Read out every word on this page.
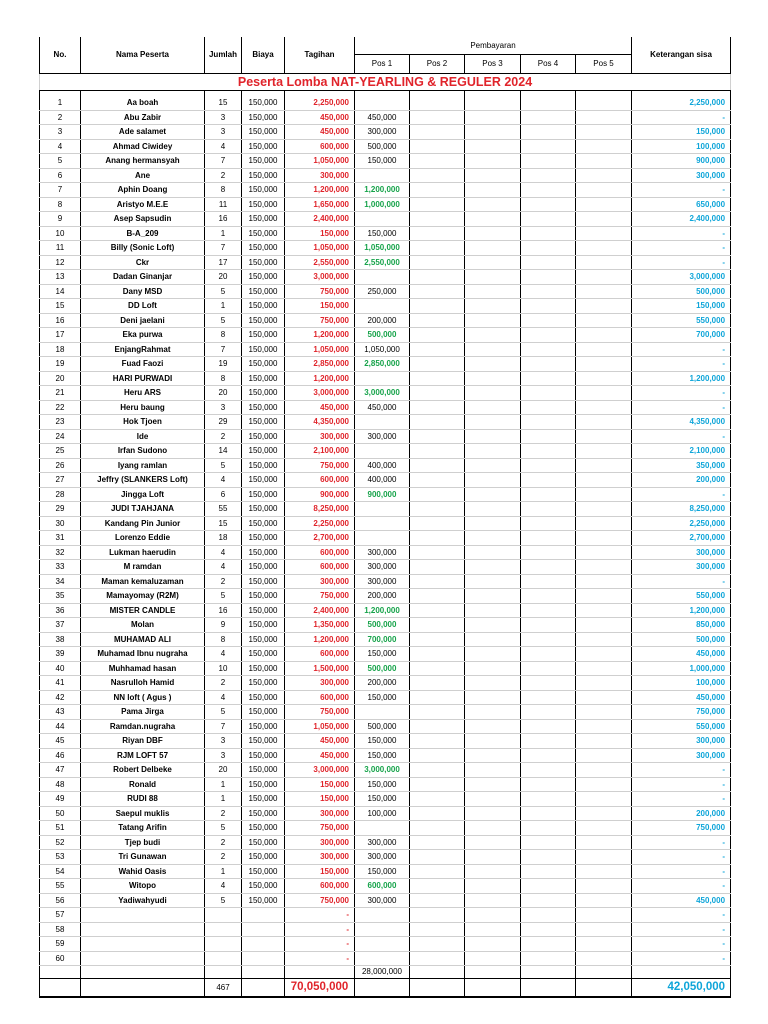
Peserta Lomba NAT-YEARLING & REGULER 2024										
No.	Nama Peserta	Jumlah	Biaya	Tagihan	Pembayaran					Keterangan sisa
					Pos 1	Pos 2	Pos 3	Pos 4	Pos 5	

1	Aa boah	15	150,000	2,250,000						2,250,000
2	Abu Zabir	3	150,000	450,000	450,000					-
3	Ade salamet	3	150,000	450,000	300,000					150,000
4	Ahmad Ciwidey	4	150,000	600,000	500,000					100,000
5	Anang hermansyah	7	150,000	1,050,000	150,000					900,000
6	Ane	2	150,000	300,000						300,000
7	Aphin Doang	8	150,000	1,200,000	1,200,000					-
8	Aristyo M.E.E	11	150,000	1,650,000	1,000,000					650,000
9	Asep Sapsudin	16	150,000	2,400,000						2,400,000
10	B-A_209	1	150,000	150,000	150,000					-
11	Billy (Sonic Loft)	7	150,000	1,050,000	1,050,000					-
12	Ckr	17	150,000	2,550,000	2,550,000					-
13	Dadan Ginanjar	20	150,000	3,000,000						3,000,000
14	Dany MSD	5	150,000	750,000	250,000					500,000
15	DD Loft	1	150,000	150,000						150,000
16	Deni jaelani	5	150,000	750,000	200,000					550,000
17	Eka purwa	8	150,000	1,200,000	500,000					700,000
18	EnjangRahmat	7	150,000	1,050,000	1,050,000					-
19	Fuad Faozi	19	150,000	2,850,000	2,850,000					-
20	HARI PURWADI	8	150,000	1,200,000						1,200,000
21	Heru ARS	20	150,000	3,000,000	3,000,000					-
22	Heru baung	3	150,000	450,000	450,000					-
23	Hok Tjoen	29	150,000	4,350,000						4,350,000
24	Ide	2	150,000	300,000	300,000					-
25	Irfan Sudono	14	150,000	2,100,000						2,100,000
26	Iyang ramlan	5	150,000	750,000	400,000					350,000
27	Jeffry (SLANKERS Loft)	4	150,000	600,000	400,000					200,000
28	Jingga Loft	6	150,000	900,000	900,000					-
29	JUDI TJAHJANA	55	150,000	8,250,000						8,250,000
30	Kandang Pin Junior	15	150,000	2,250,000						2,250,000
31	Lorenzo Eddie	18	150,000	2,700,000						2,700,000
32	Lukman haerudin	4	150,000	600,000	300,000					300,000
33	M ramdan	4	150,000	600,000	300,000					300,000
34	Maman kemaluzaman	2	150,000	300,000	300,000					-
35	Mamayomay (R2M)	5	150,000	750,000	200,000					550,000
36	MISTER CANDLE	16	150,000	2,400,000	1,200,000					1,200,000
37	Molan	9	150,000	1,350,000	500,000					850,000
38	MUHAMAD ALI	8	150,000	1,200,000	700,000					500,000
39	Muhamad Ibnu nugraha	4	150,000	600,000	150,000					450,000
40	Muhhamad hasan	10	150,000	1,500,000	500,000					1,000,000
41	Nasrulloh Hamid	2	150,000	300,000	200,000					100,000
42	NN loft ( Agus )	4	150,000	600,000	150,000					450,000
43	Pama Jirga	5	150,000	750,000						750,000
44	Ramdan.nugraha	7	150,000	1,050,000	500,000					550,000
45	Riyan DBF	3	150,000	450,000	150,000					300,000
46	RJM LOFT 57	3	150,000	450,000	150,000					300,000
47	Robert Delbeke	20	150,000	3,000,000	3,000,000					-
48	Ronald	1	150,000	150,000	150,000					-
49	RUDI 88	1	150,000	150,000	150,000					-
50	Saepul muklis	2	150,000	300,000	100,000					200,000
51	Tatang Arifin	5	150,000	750,000						750,000
52	Tjep budi	2	150,000	300,000	300,000					-
53	Tri Gunawan	2	150,000	300,000	300,000					-
54	Wahid Oasis	1	150,000	150,000	150,000					-
55	Witopo	4	150,000	600,000	600,000					-
56	Yadiwahyudi	5	150,000	750,000	300,000					450,000
57				-						-
58				-						-
59				-						-
60				-						-
					28,000,000					
		467		70,050,000						42,050,000
